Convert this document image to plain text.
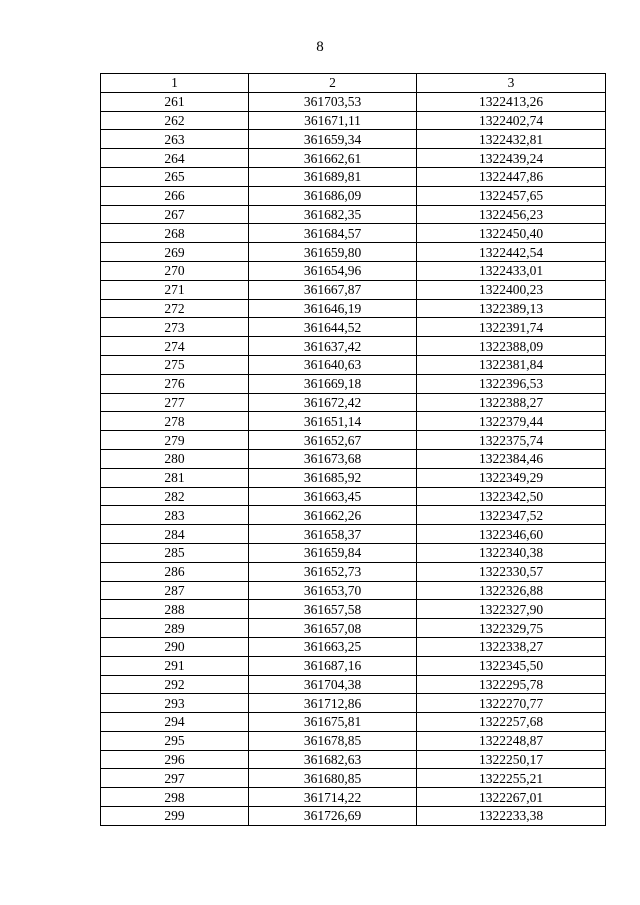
8
1	2	3
261	361703,53	1322413,26
262	361671,11	1322402,74
263	361659,34	1322432,81
264	361662,61	1322439,24
265	361689,81	1322447,86
266	361686,09	1322457,65
267	361682,35	1322456,23
268	361684,57	1322450,40
269	361659,80	1322442,54
270	361654,96	1322433,01
271	361667,87	1322400,23
272	361646,19	1322389,13
273	361644,52	1322391,74
274	361637,42	1322388,09
275	361640,63	1322381,84
276	361669,18	1322396,53
277	361672,42	1322388,27
278	361651,14	1322379,44
279	361652,67	1322375,74
280	361673,68	1322384,46
281	361685,92	1322349,29
282	361663,45	1322342,50
283	361662,26	1322347,52
284	361658,37	1322346,60
285	361659,84	1322340,38
286	361652,73	1322330,57
287	361653,70	1322326,88
288	361657,58	1322327,90
289	361657,08	1322329,75
290	361663,25	1322338,27
291	361687,16	1322345,50
292	361704,38	1322295,78
293	361712,86	1322270,77
294	361675,81	1322257,68
295	361678,85	1322248,87
296	361682,63	1322250,17
297	361680,85	1322255,21
298	361714,22	1322267,01
299	361726,69	1322233,38
